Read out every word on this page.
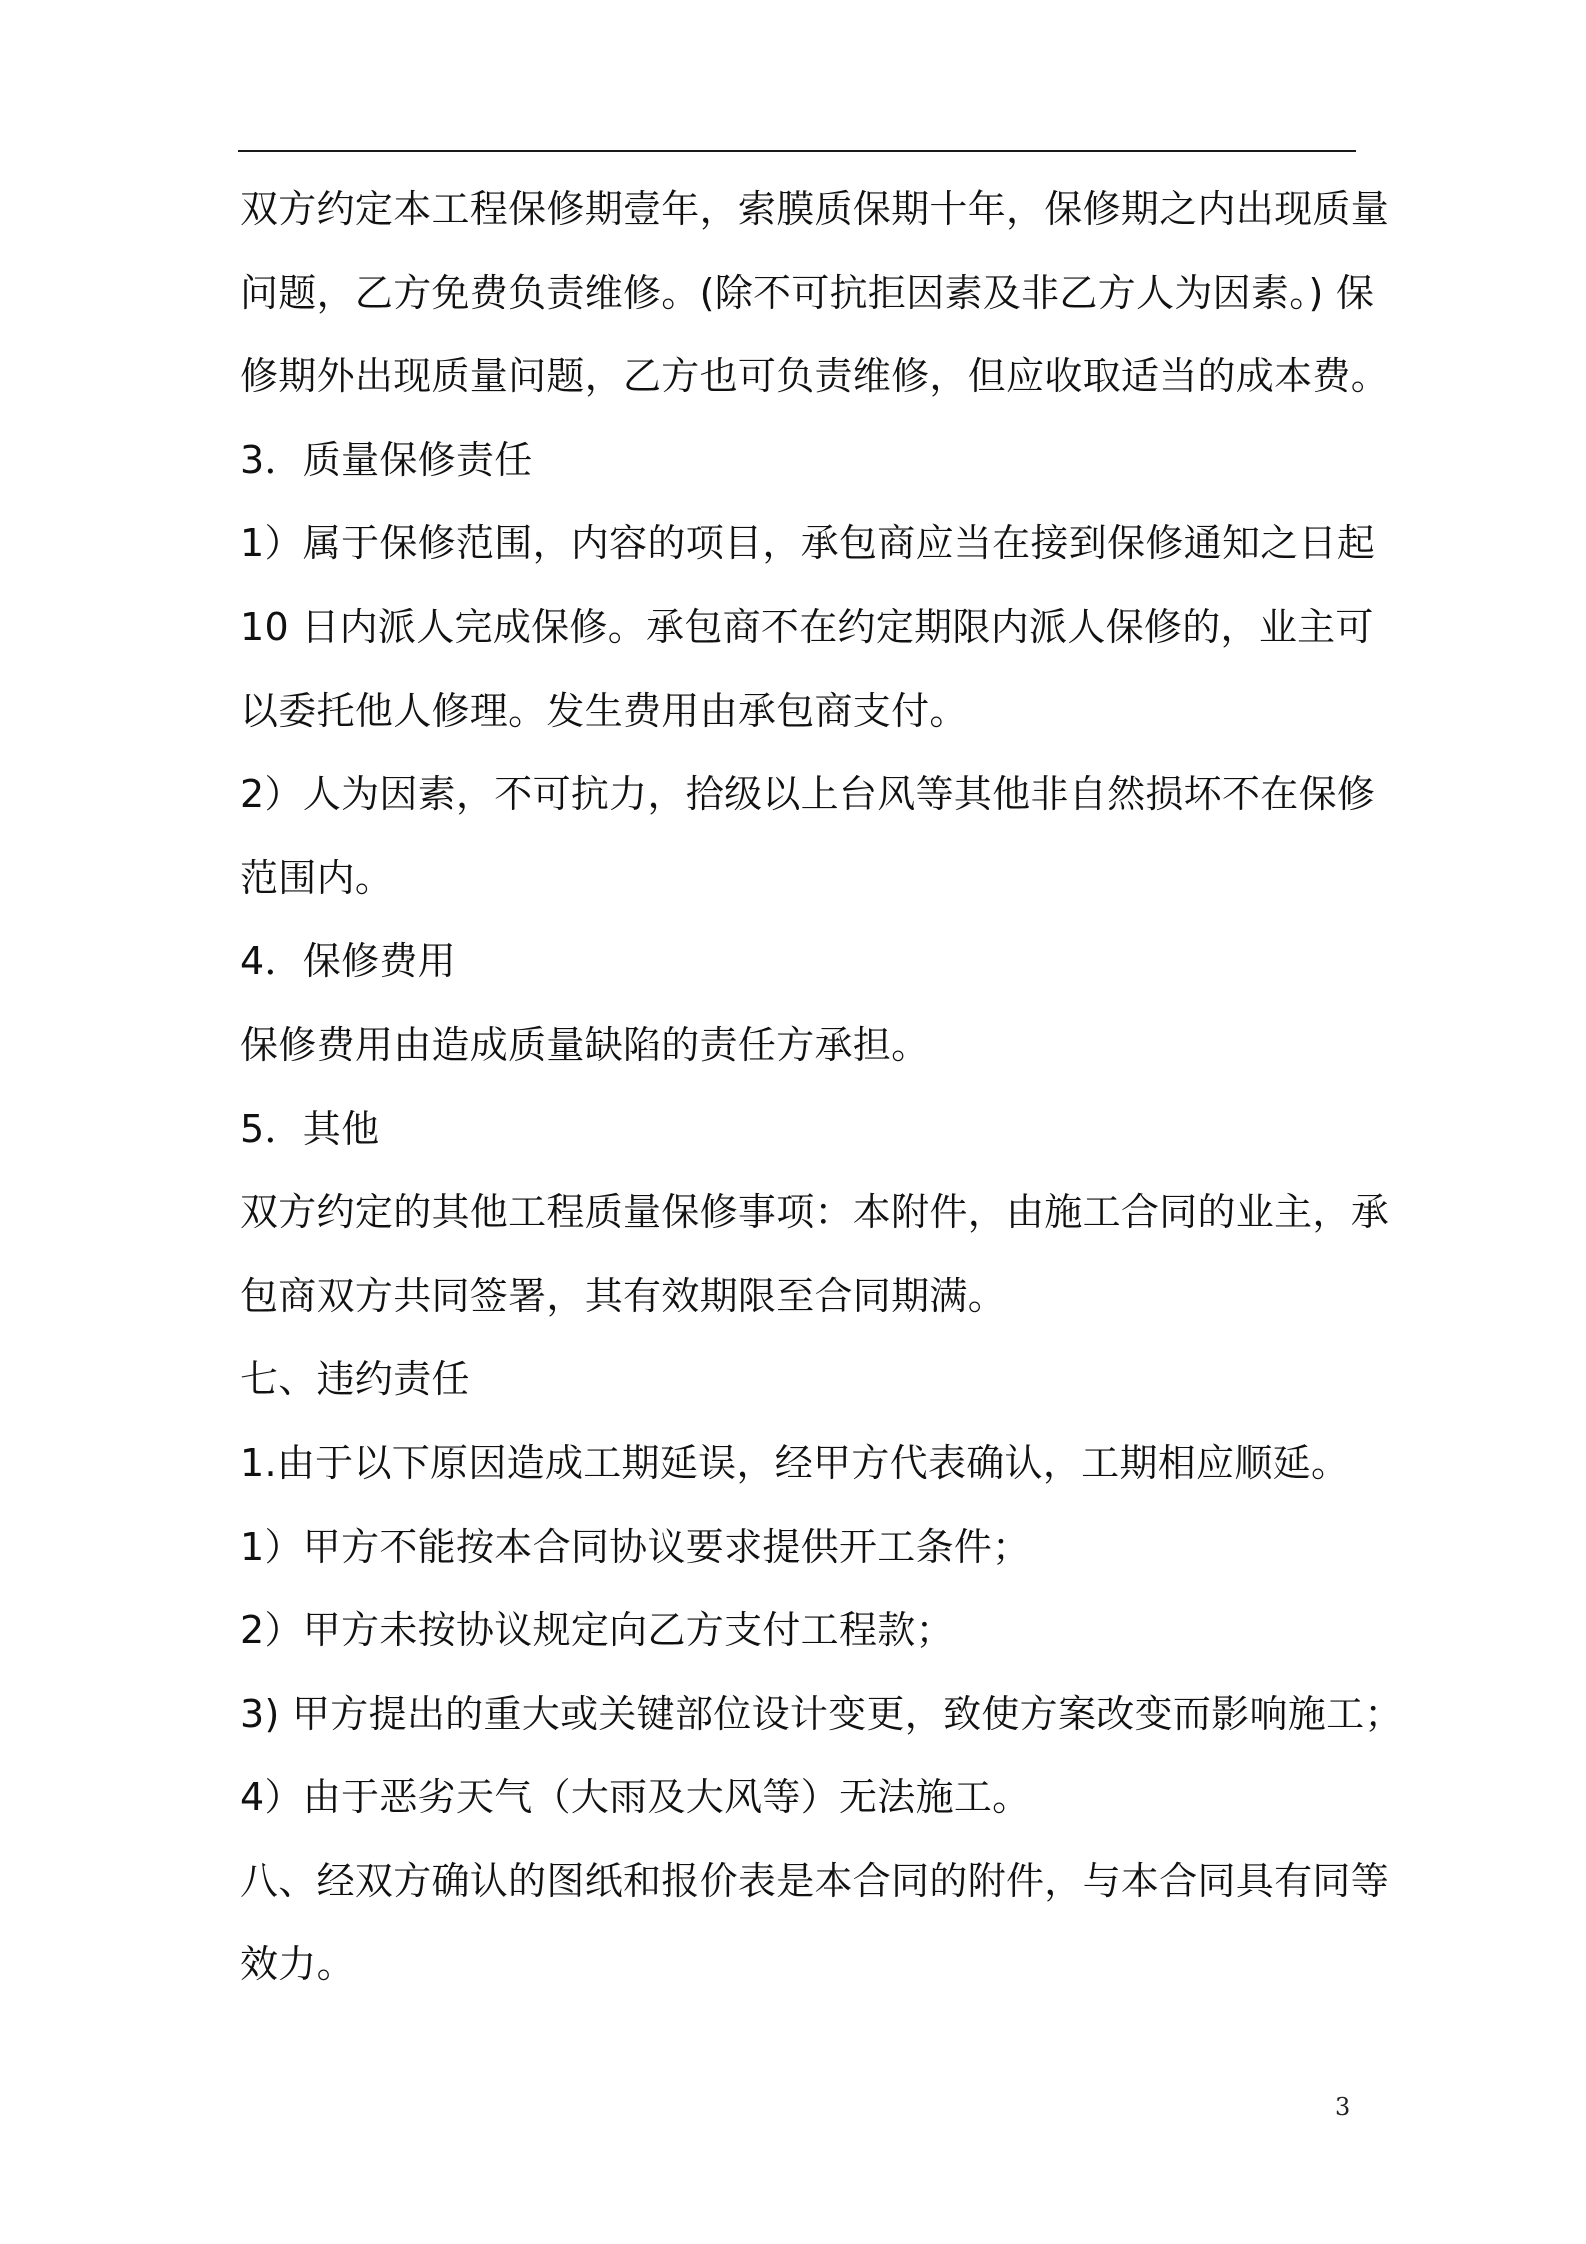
双方约定本工程保修期壹年，索膜质保期十年，保修期之内出现质量
问题，乙方免费负责维修。(除不可抗拒因素及非乙方人为因素。) 保
修期外出现质量问题，乙方也可负责维修，但应收取适当的成本费。
3．质量保修责任
1）属于保修范围，内容的项目，承包商应当在接到保修通知之日起
10 日内派人完成保修。承包商不在约定期限内派人保修的，业主可
以委托他人修理。发生费用由承包商支付。
2）人为因素，不可抗力，拾级以上台风等其他非自然损坏不在保修
范围内。
4．保修费用
保修费用由造成质量缺陷的责任方承担。
5．其他
双方约定的其他工程质量保修事项：本附件，由施工合同的业主，承
包商双方共同签署，其有效期限至合同期满。
七、违约责任
1.由于以下原因造成工期延误，经甲方代表确认，工期相应顺延。
1）甲方不能按本合同协议要求提供开工条件；
2）甲方未按协议规定向乙方支付工程款；
3) 甲方提出的重大或关键部位设计变更，致使方案改变而影响施工；
4）由于恶劣天气（大雨及大风等）无法施工。
八、经双方确认的图纸和报价表是本合同的附件，与本合同具有同等
效力。
3
